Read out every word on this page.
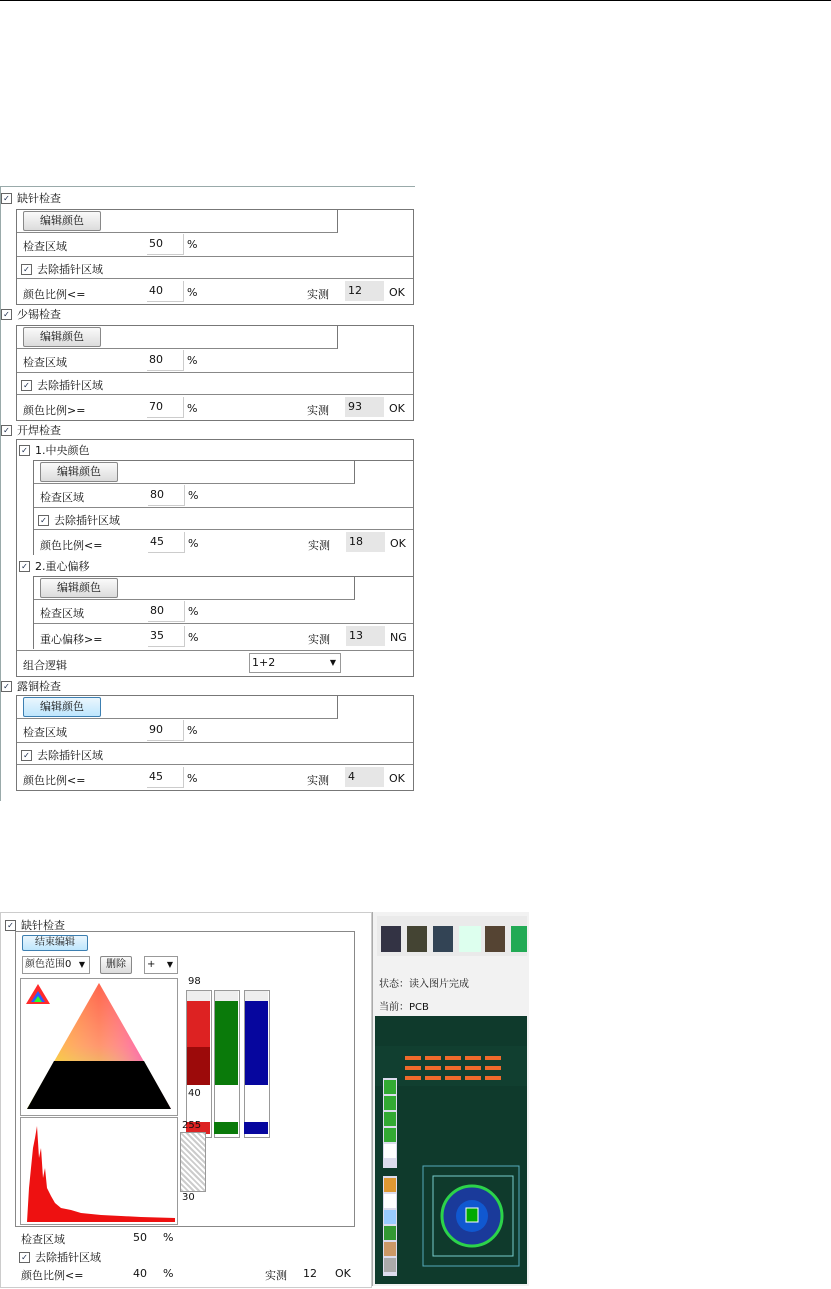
✓ 缺针检查
编辑颜色
检查区域	50	%
✓ 去除插针区域
颜色比例<=	40	%	实测 12	OK
✓ 少锡检查
编辑颜色
检查区域	80	%
✓ 去除插针区域
颜色比例>=	70	%	实测 93	OK
✓ 开焊检查
✓ 1.中央颜色
编辑颜色
检查区域	80	%
✓ 去除插针区域
颜色比例<=	45	%	实测 18	OK
✓ 2.重心偏移
编辑颜色
检查区域	80	%
重心偏移>=	35	%	实测 13	NG
组合逻辑	1+2	▼
✓ 露铜检查
编辑颜色
检查区域	90	%
✓ 去除插针区域
颜色比例<=	45	%	实测 4	OK
✓ 缺针检查
结束编辑
颜色范围0 ▼	删除	+ ▼
98
40
255
30
检查区域	50 %
✓ 去除插针区域
颜色比例<=	40 %	实测 12 OK
状态：读入图片完成
当前：PCB
